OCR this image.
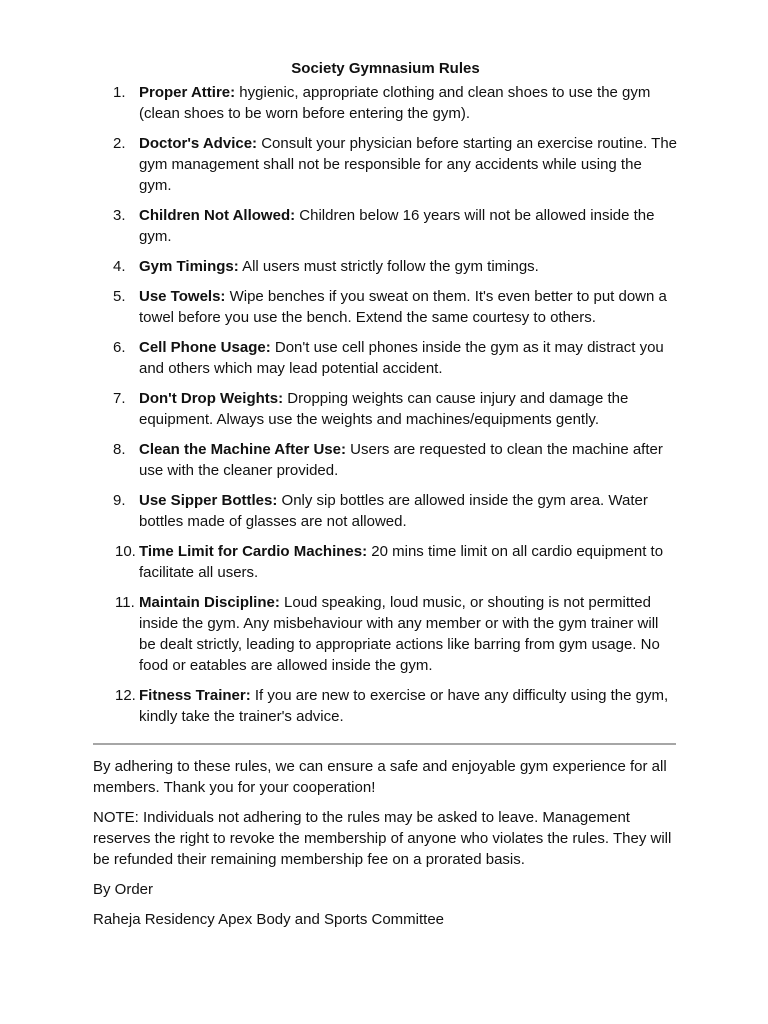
Society Gymnasium Rules
1. Proper Attire: hygienic, appropriate clothing and clean shoes to use the gym (clean shoes to be worn before entering the gym).
2. Doctor's Advice: Consult your physician before starting an exercise routine. The gym management shall not be responsible for any accidents while using the gym.
3. Children Not Allowed: Children below 16 years will not be allowed inside the gym.
4. Gym Timings: All users must strictly follow the gym timings.
5. Use Towels: Wipe benches if you sweat on them. It's even better to put down a towel before you use the bench. Extend the same courtesy to others.
6. Cell Phone Usage: Don't use cell phones inside the gym as it may distract you and others which may lead potential accident.
7. Don't Drop Weights: Dropping weights can cause injury and damage the equipment. Always use the weights and machines/equipments gently.
8. Clean the Machine After Use: Users are requested to clean the machine after use with the cleaner provided.
9. Use Sipper Bottles: Only sip bottles are allowed inside the gym area. Water bottles made of glasses are not allowed.
10. Time Limit for Cardio Machines: 20 mins time limit on all cardio equipment to facilitate all users.
11. Maintain Discipline: Loud speaking, loud music, or shouting is not permitted inside the gym. Any misbehaviour with any member or with the gym trainer will be dealt strictly, leading to appropriate actions like barring from gym usage. No food or eatables are allowed inside the gym.
12. Fitness Trainer: If you are new to exercise or have any difficulty using the gym, kindly take the trainer's advice.

By adhering to these rules, we can ensure a safe and enjoyable gym experience for all members. Thank you for your cooperation!

NOTE: Individuals not adhering to the rules may be asked to leave. Management reserves the right to revoke the membership of anyone who violates the rules. They will be refunded their remaining membership fee on a prorated basis.

By Order

Raheja Residency Apex Body and Sports Committee
